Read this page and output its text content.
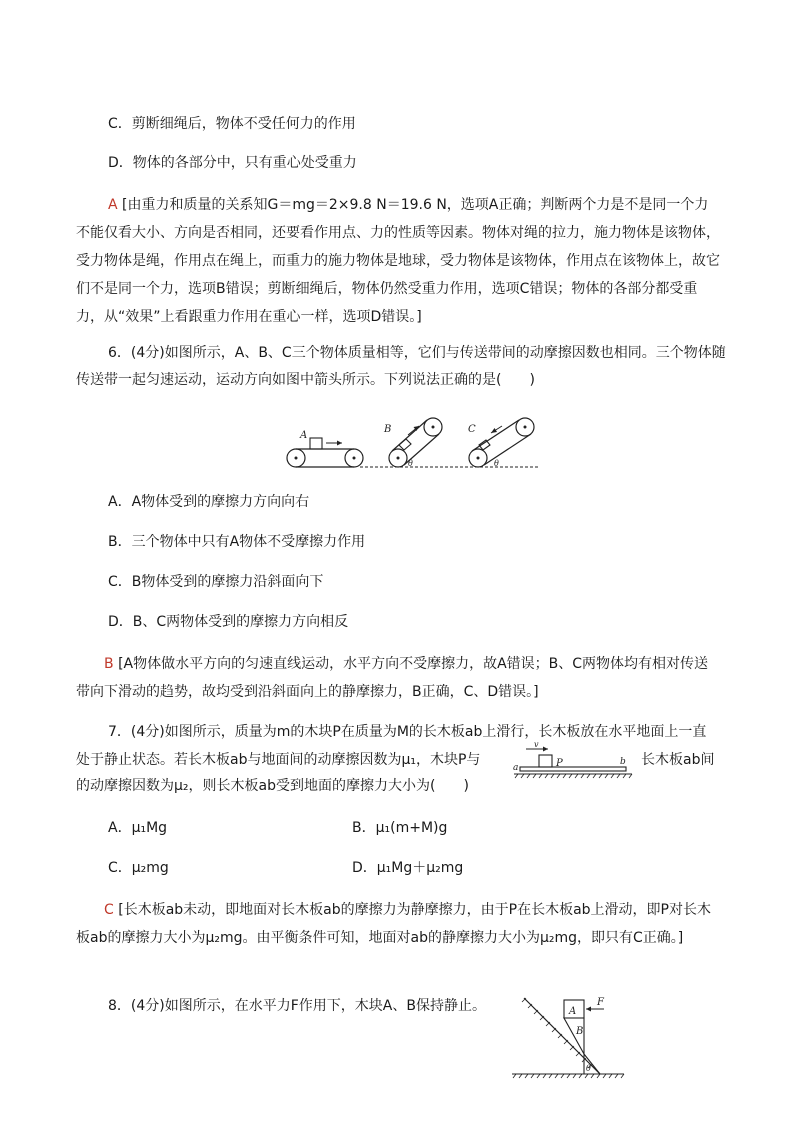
C．剪断细绳后，物体不受任何力的作用
D．物体的各部分中，只有重心处受重力
A [由重力和质量的关系知G＝mg＝2×9.8 N＝19.6 N，选项A正确；判断两个力是不是同一个力不能仅看大小、方向是否相同，还要看作用点、力的性质等因素。物体对绳的拉力，施力物体是该物体，受力物体是绳，作用点在绳上，而重力的施力物体是地球，受力物体是该物体，作用点在该物体上，故它们不是同一个力，选项B错误；剪断细绳后，物体仍然受重力作用，选项C错误；物体的各部分都受重力，从“效果”上看跟重力作用在重心一样，选项D错误。]
6．(4分)如图所示，A、B、C三个物体质量相等，它们与传送带间的动摩擦因数也相同。三个物体随
传送带一起匀速运动，运动方向如图中箭头所示。下列说法正确的是(　　)
A
B
θ
C
θ
A．A物体受到的摩擦力方向向右
B．三个物体中只有A物体不受摩擦力作用
C．B物体受到的摩擦力沿斜面向下
D．B、C两物体受到的摩擦力方向相反
B [A物体做水平方向的匀速直线运动，水平方向不受摩擦力，故A错误；B、C两物体均有相对传送带向下滑动的趋势，故均受到沿斜面向上的静摩擦力，B正确，C、D错误。]
7．(4分)如图所示，质量为m的木块P在质量为M的长木板ab上滑行，长木板放在水平地面上一直
处于静止状态。若长木板ab与地面间的动摩擦因数为μ₁，木块P与
v
P
a
b 长木板ab间
的动摩擦因数为μ₂，则长木板ab受到地面的摩擦力大小为(　　)
A．μ₁Mg	B．μ₁(m+M)g
C．μ₂mg	D．μ₁Mg＋μ₂mg
C [长木板ab未动，即地面对长木板ab的摩擦力为静摩擦力，由于P在长木板ab上滑动，即P对长木板ab的摩擦力大小为μ₂mg。由平衡条件可知，地面对ab的静摩擦力大小为μ₂mg，即只有C正确。]
8．(4分)如图所示，在水平力F作用下，木块A、B保持静止。	A
F
B
θ
